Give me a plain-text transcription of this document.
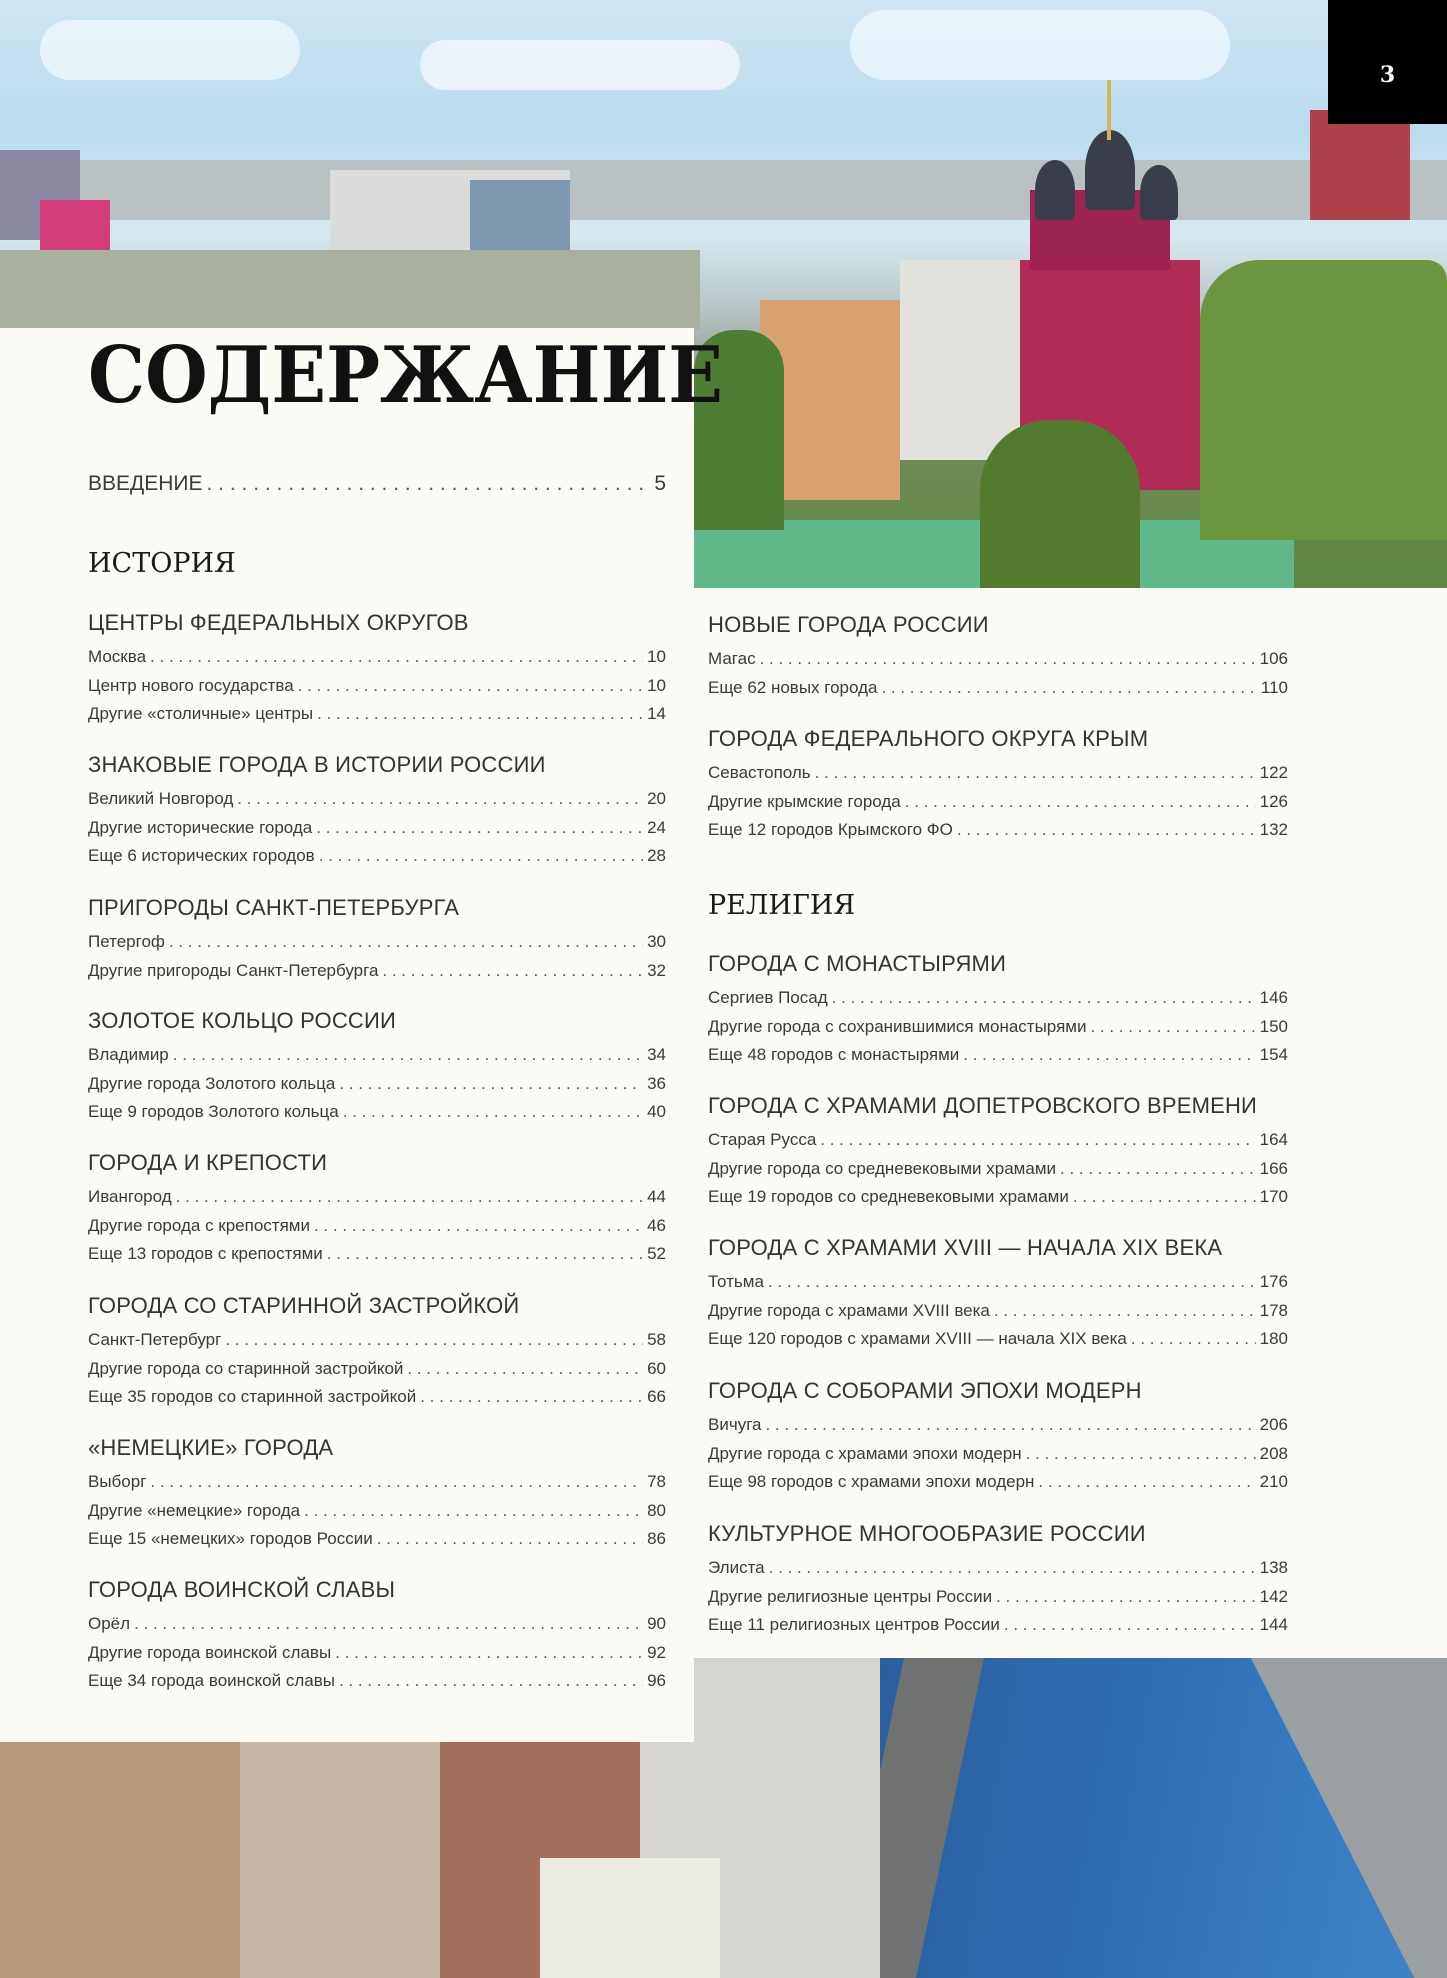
3
СОДЕРЖАНИЕ
ВВЕДЕНИЕ . . .	5
ИСТОРИЯ
РЕЛИГИЯ
ЦЕНТРЫ ФЕДЕРАЛЬНЫХ ОКРУГОВ
Москва . . .	10
Центр нового государства . . .	10
Другие «столичные» центры . . .	14
ЗНАКОВЫЕ ГОРОДА В ИСТОРИИ РОССИИ
Великий Новгород . . .	20
Другие исторические города . . .	24
Еще 6 исторических городов . . .	28
ПРИГОРОДЫ САНКТ-ПЕТЕРБУРГА
Петергоф . . .	30
Другие пригороды Санкт-Петербурга . . .	32
ЗОЛОТОЕ КОЛЬЦО РОССИИ
Владимир . . .	34
Другие города Золотого кольца . . .	36
Еще 9 городов Золотого кольца . . .	40
ГОРОДА И КРЕПОСТИ
Ивангород . . .	44
Другие города с крепостями . . .	46
Еще 13 городов с крепостями . . .	52
ГОРОДА СО СТАРИННОЙ ЗАСТРОЙКОЙ
Санкт-Петербург . . .	58
Другие города со старинной застройкой . . .	60
Еще 35 городов со старинной застройкой . . .	66
«НЕМЕЦКИЕ» ГОРОДА
Выборг . . .	78
Другие «немецкие» города . . .	80
Еще 15 «немецких» городов России . . .	86
ГОРОДА ВОИНСКОЙ СЛАВЫ
Орёл . . .	90
Другие города воинской славы . . .	92
Еще 34 города воинской славы . . .	96
НОВЫЕ ГОРОДА РОССИИ
Магас . . .	106
Еще 62 новых города . . .	110
ГОРОДА ФЕДЕРАЛЬНОГО ОКРУГА КРЫМ
Севастополь . . .	122
Другие крымские города . . .	126
Еще 12 городов Крымского ФО . . .	132
ГОРОДА С МОНАСТЫРЯМИ
Сергиев Посад . . .	146
Другие города с сохранившимися монастырями . . .	150
Еще 48 городов с монастырями . . .	154
ГОРОДА С ХРАМАМИ ДОПЕТРОВСКОГО ВРЕМЕНИ
Старая Русса . . .	164
Другие города со средневековыми храмами . . .	166
Еще 19 городов со средневековыми храмами . . .	170
ГОРОДА С ХРАМАМИ XVIII — НАЧАЛА XIX ВЕКА
Тотьма . . .	176
Другие города с храмами XVIII века . . .	178
Еще 120 городов с храмами XVIII — начала XIX века . . .	180
ГОРОДА С СОБОРАМИ ЭПОХИ МОДЕРН
Вичуга . . .	206
Другие города с храмами эпохи модерн . . .	208
Еще 98 городов с храмами эпохи модерн . . .	210
КУЛЬТУРНОЕ МНОГООБРАЗИЕ РОССИИ
Элиста . . .	138
Другие религиозные центры России . . .	142
Еще 11 религиозных центров России . . .	144
